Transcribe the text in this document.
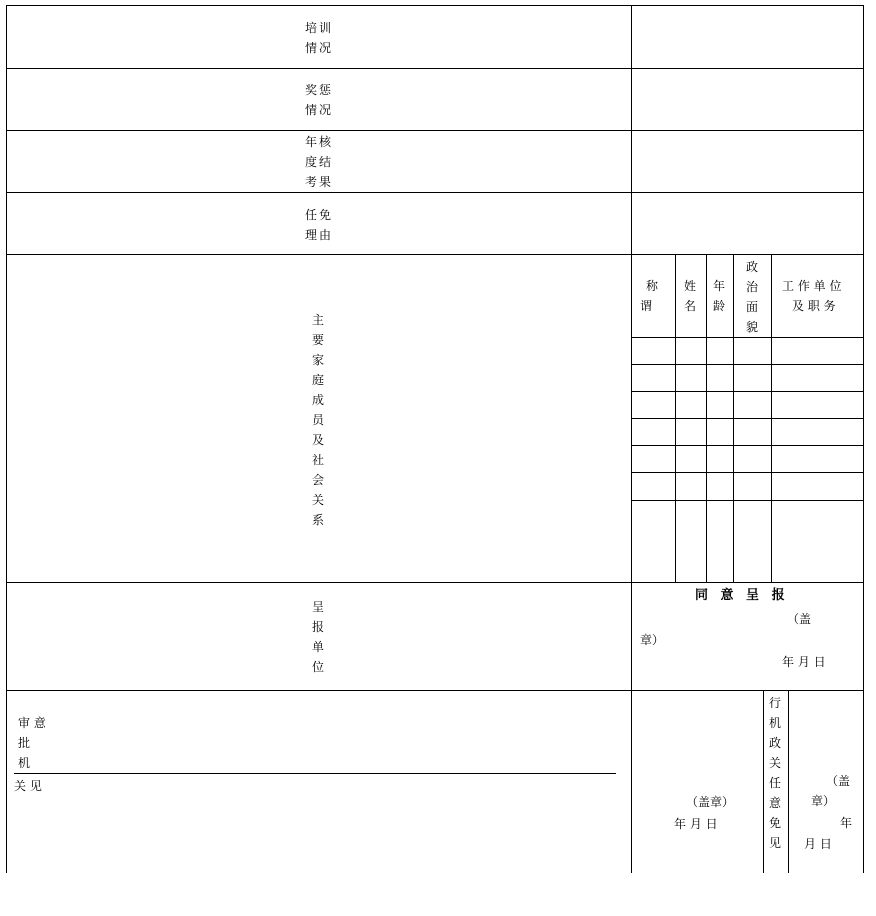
培训
情况
奖惩
情况
年核
度结
考果
任免
理由
主
要
家
庭
成
员
及
社
会
关
系
称
谓
姓
名
年
龄
政
治
面
貌
工 作 单 位
及 职 务
呈
报
单
位
同 意 呈 报
（盖
章）
年 月 日
审 意
批
机
关 见
（盖章）
年 月 日
行
机
政
关
任
意
免
见
（盖
章）
年
月 日
